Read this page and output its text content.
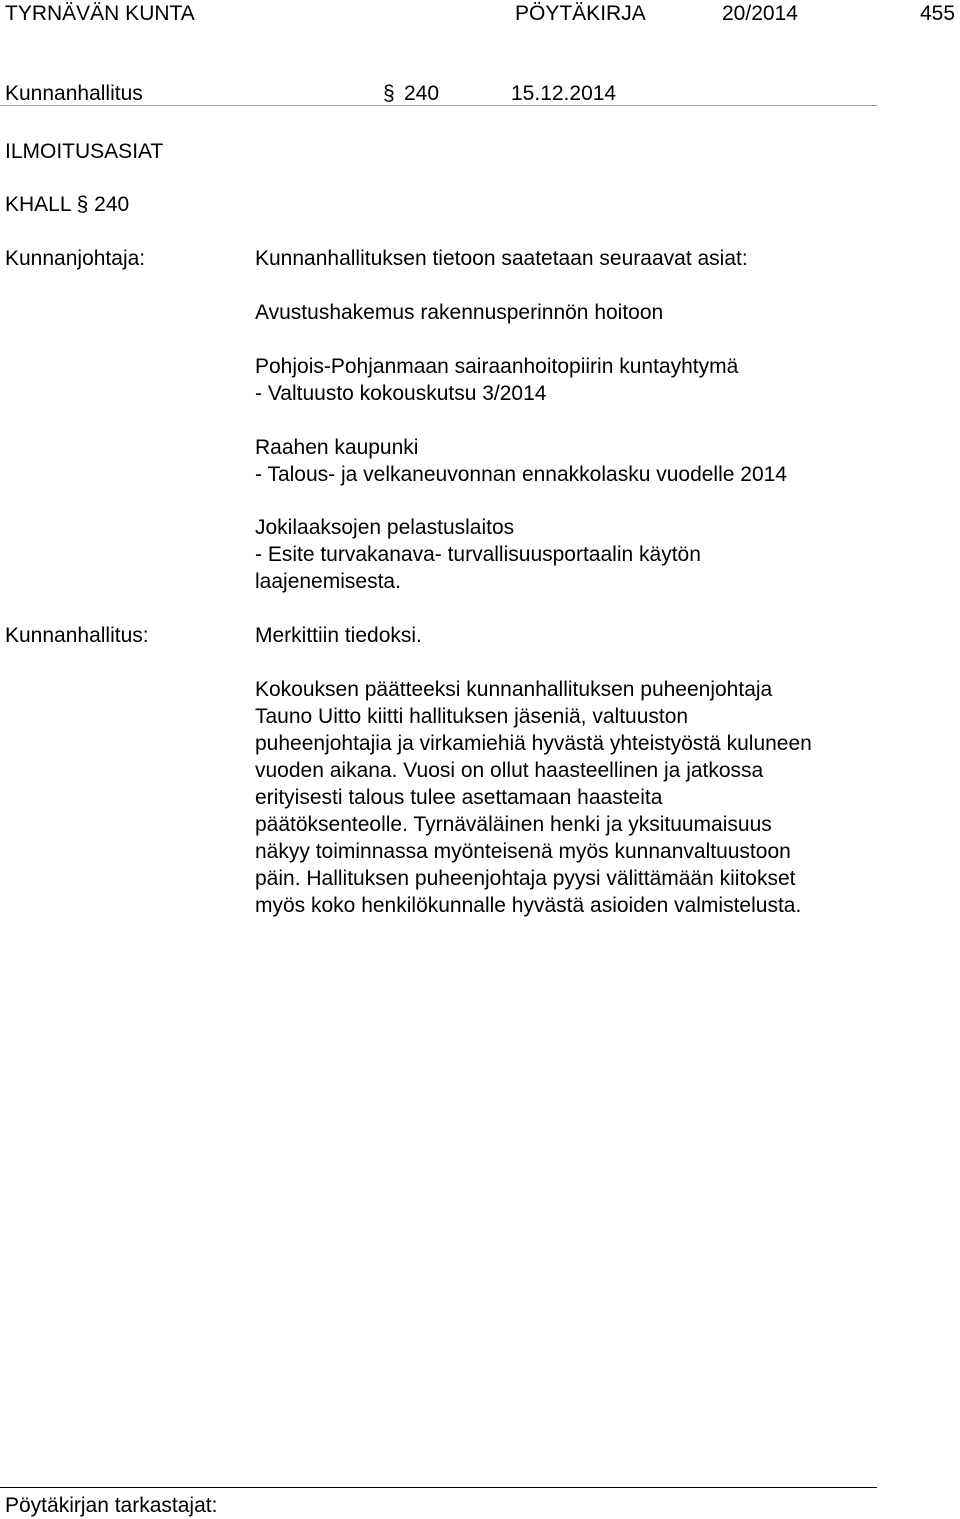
TYRNÄVÄN KUNTA	PÖYTÄKIRJA	20/2014	455
Kunnanhallitus	§ 240	15.12.2014
ILMOITUSASIAT
KHALL § 240
Kunnanjohtaja:	Kunnanhallituksen tietoon saatetaan seuraavat asiat:
Avustushakemus rakennusperinnön hoitoon
Pohjois-Pohjanmaan sairaanhoitopiirin kuntayhtymä
- Valtuusto kokouskutsu 3/2014
Raahen kaupunki
- Talous- ja velkaneuvonnan ennakkolasku vuodelle 2014
Jokilaaksojen pelastuslaitos
- Esite turvakanava- turvallisuusportaalin käytön
laajenemisesta.
Kunnanhallitus:	Merkittiin tiedoksi.
Kokouksen päätteeksi kunnanhallituksen puheenjohtaja
Tauno Uitto kiitti hallituksen jäseniä, valtuuston
puheenjohtajia ja virkamiehiä hyvästä yhteistyöstä kuluneen
vuoden aikana. Vuosi on ollut haasteellinen ja jatkossa
erityisesti talous tulee asettamaan haasteita
päätöksenteolle. Tyrnäväläinen henki ja yksituumaisuus
näkyy toiminnassa myönteisenä myös kunnanvaltuustoon
päin. Hallituksen puheenjohtaja pyysi välittämään kiitokset
myös koko henkilökunnalle hyvästä asioiden valmistelusta.
Pöytäkirjan tarkastajat:
